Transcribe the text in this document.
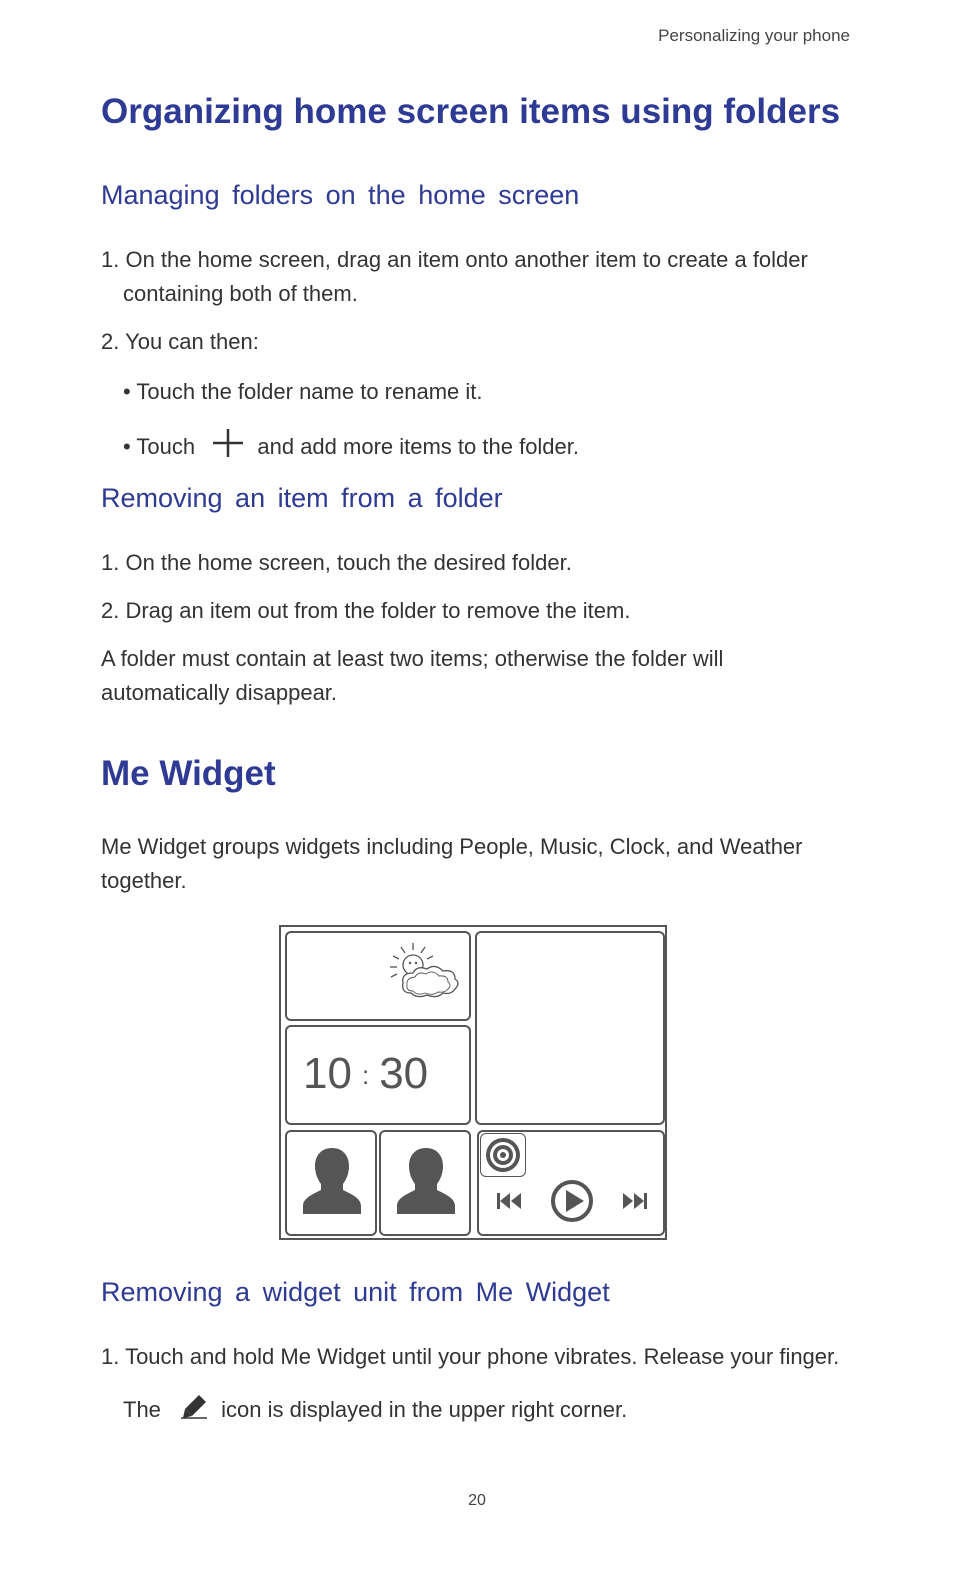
Personalizing your phone
Organizing home screen items using folders
Managing folders on the home screen
1. On the home screen, drag an item onto another item to create a folder
containing both of them.
2. You can then:
• Touch the folder name to rename it.
• Touch	and add more items to the folder.
Removing an item from a folder
1. On the home screen, touch the desired folder.
2. Drag an item out from the folder to remove the item.
A folder must contain at least two items; otherwise the folder will
automatically disappear.
Me Widget
Me Widget groups widgets including People, Music, Clock, and Weather
together.
10 : 30
Removing a widget unit from Me Widget
1. Touch and hold Me Widget until your phone vibrates. Release your finger.
The	icon is displayed in the upper right corner.
20
